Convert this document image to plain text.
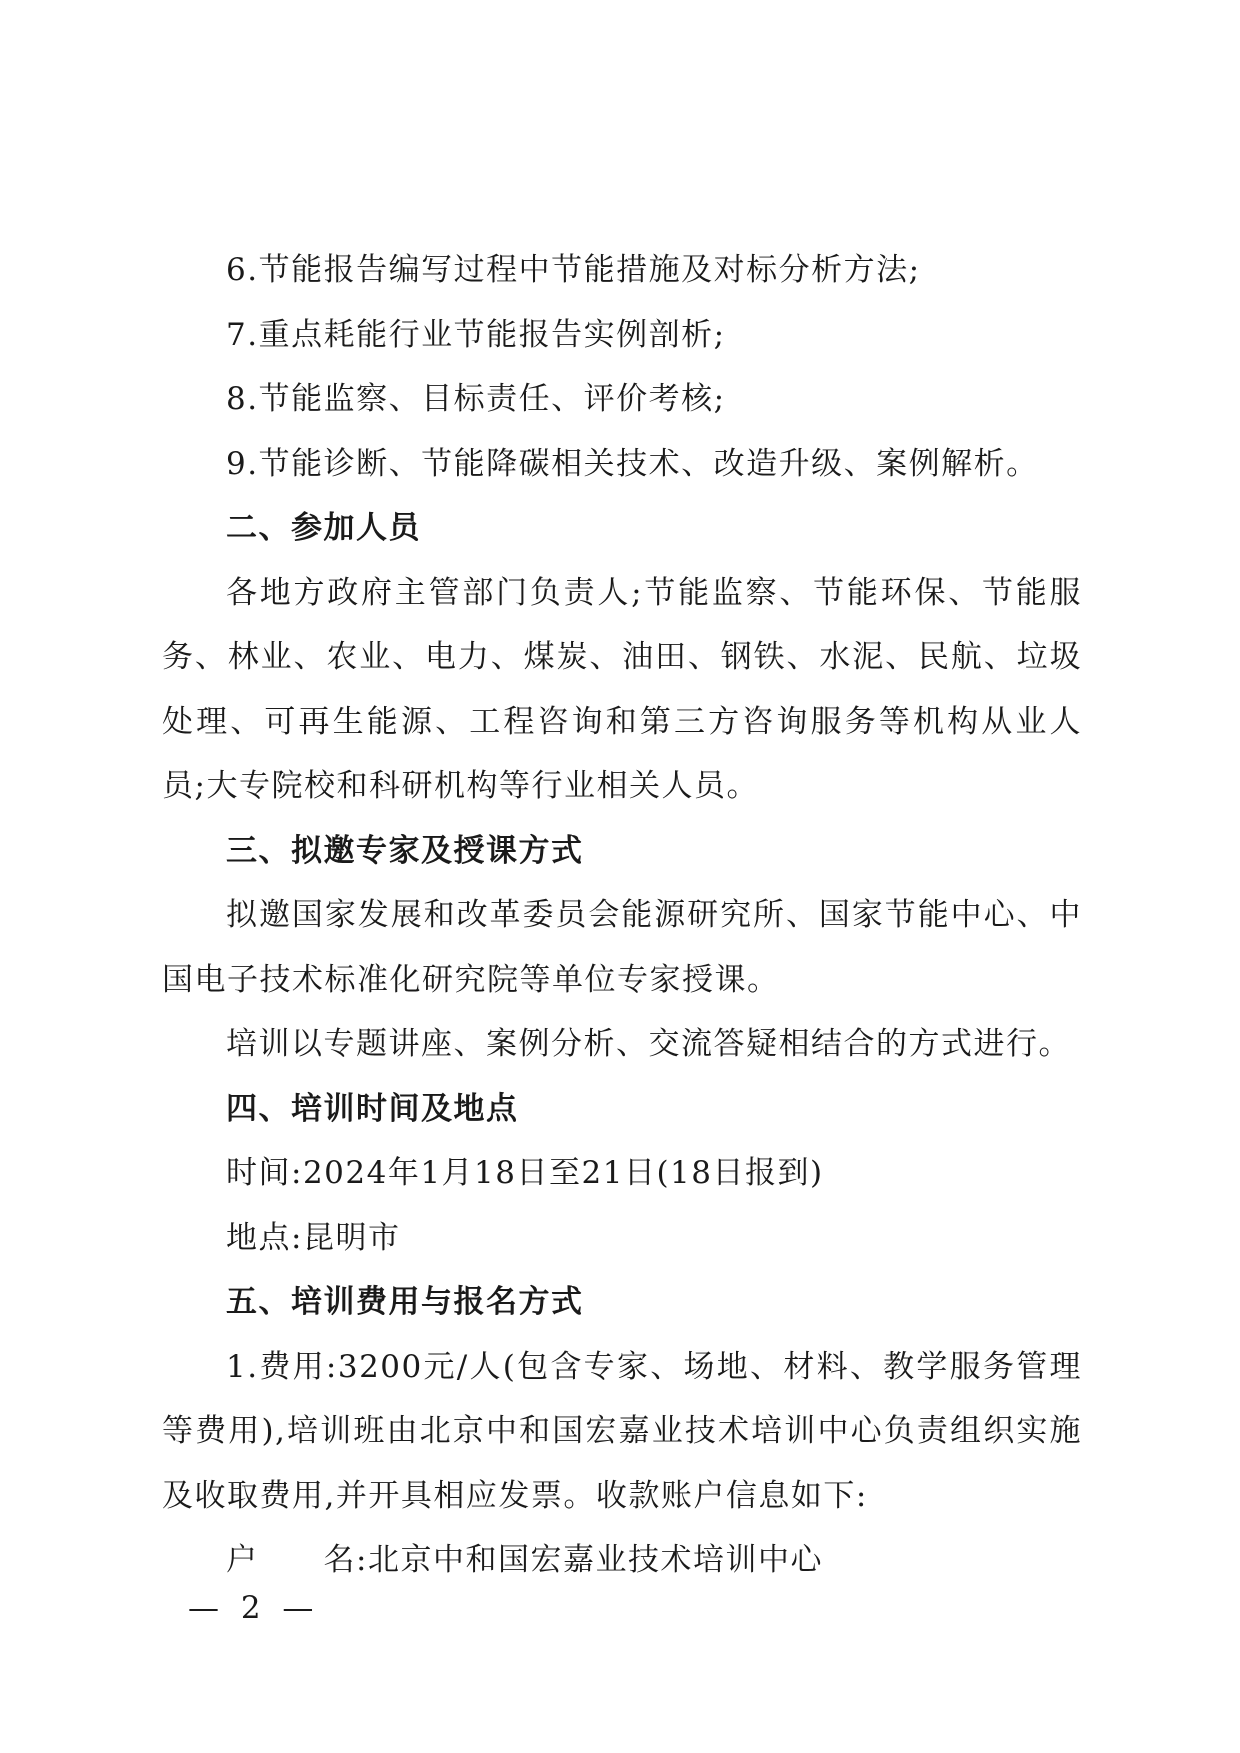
6.节能报告编写过程中节能措施及对标分析方法;

7.重点耗能行业节能报告实例剖析;

8.节能监察、目标责任、评价考核;

9.节能诊断、节能降碳相关技术、改造升级、案例解析。

二、参加人员

各地方政府主管部门负责人;节能监察、节能环保、节能服务、林业、农业、电力、煤炭、油田、钢铁、水泥、民航、垃圾处理、可再生能源、工程咨询和第三方咨询服务等机构从业人员;大专院校和科研机构等行业相关人员。

三、拟邀专家及授课方式

拟邀国家发展和改革委员会能源研究所、国家节能中心、中国电子技术标准化研究院等单位专家授课。

培训以专题讲座、案例分析、交流答疑相结合的方式进行。

四、培训时间及地点

时间:2024年1月18日至21日(18日报到)

地点:昆明市

五、培训费用与报名方式

1.费用:3200元/人(包含专家、场地、材料、教学服务管理等费用),培训班由北京中和国宏嘉业技术培训中心负责组织实施及收取费用,并开具相应发票。收款账户信息如下:

户　　名:北京中和国宏嘉业技术培训中心

— 2 —
